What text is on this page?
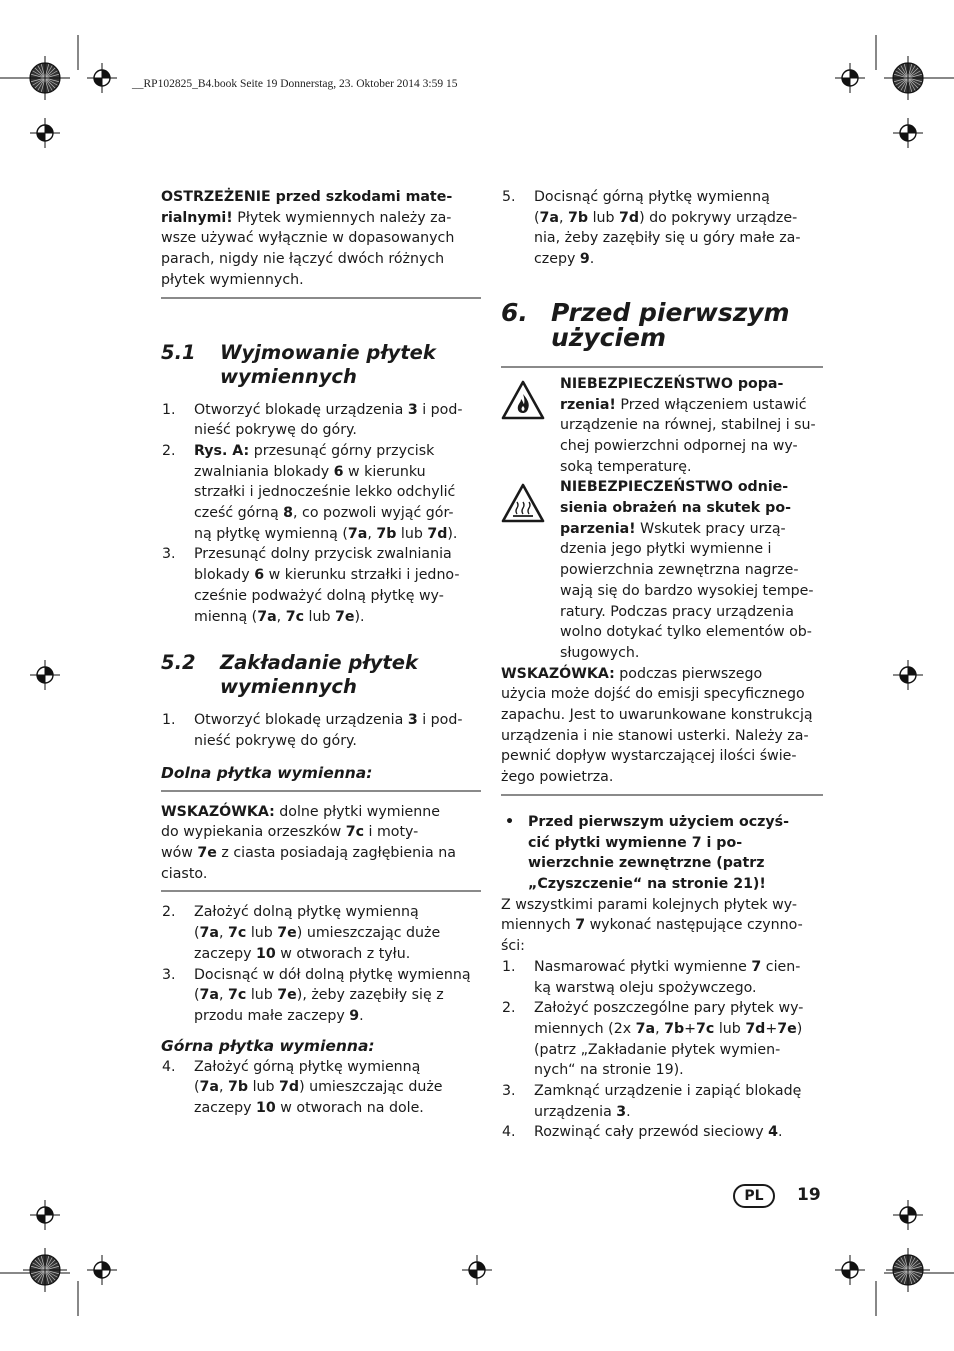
__RP102825_B4.book Seite 19 Donnerstag, 23. Oktober 2014 3:59 15

OSTRZEŻENIE przed szkodami mate-
rialnymi! Płytek wymiennych należy za-
wsze używać wyłącznie w dopasowanych
parach, nigdy nie łączyć dwóch różnych
płytek wymiennych.

5.1 Wyjmowanie płytek

wymiennych
1. Otworzyć blokadę urządzenia 3 i pod-
nieść pokrywę do góry.
2. Rys. A: przesunąć górny przycisk
zwalniania blokady 6 w kierunku
strzałki i jednocześnie lekko odchylić
cześć górną 8, co pozwoli wyjąć gór-
ną płytkę wymienną (7a, 7b lub 7d).
3. Przesunąć dolny przycisk zwalniania
blokady 6 w kierunku strzałki i jedno-
cześnie podważyć dolną płytkę wy-
mienną (7a, 7c lub 7e).
5.2 Zakładanie płytek

wymiennych
1. Otworzyć blokadę urządzenia 3 i pod-
nieść pokrywę do góry.
Dolna płytka wymienna:

WSKAZÓWKA: dolne płytki wymienne
do wypiekania orzeszków 7c i moty-
wów 7e z ciasta posiadają zagłębienia na
ciasto.

2. Założyć dolną płytkę wymienną
(7a, 7c lub 7e) umieszczając duże
zaczepy 10 w otworach z tyłu.
3. Docisnąć w dół dolną płytkę wymienną
(7a, 7c lub 7e), żeby zazębiły się z
przodu małe zaczepy 9.
Górna płytka wymienna:
4. Założyć górną płytkę wymienną
(7a, 7b lub 7d) umieszczając duże
zaczepy 10 w otworach na dole.
5. Docisnąć górną płytkę wymienną
(7a, 7b lub 7d) do pokrywy urządze-
nia, żeby zazębiły się u góry małe za-
czepy 9.
6. Przed pierwszym

użyciem

NIEBEZPIECZEŃSTWO popa-
rzenia! Przed włączeniem ustawić
urządzenie na równej, stabilnej i su-
chej powierzchni odpornej na wy-
soką temperaturę.

NIEBEZPIECZEŃSTWO odnie-
sienia obrażeń na skutek po-
parzenia! Wskutek pracy urzą-
dzenia jego płytki wymienne i
powierzchnia zewnętrzna nagrze-
wają się do bardzo wysokiej tempe-
ratury. Podczas pracy urządzenia
wolno dotykać tylko elementów ob-
sługowych.

WSKAZÓWKA: podczas pierwszego
użycia może dojść do emisji specyficznego
zapachu. Jest to uwarunkowane konstrukcją
urządzenia i nie stanowi usterki. Należy za-
pewnić dopływ wystarczającej ilości świe-
żego powietrza.

• Przed pierwszym użyciem oczyś-
cić płytki wymienne 7 i po-
wierzchnie zewnętrzne (patrz
„Czyszczenie“ na stronie 21)!

Z wszystkimi parami kolejnych płytek wy-
miennych 7 wykonać następujące czynno-
ści:

1. Nasmarować płytki wymienne 7 cien-
ką warstwą oleju spożywczego.
2. Założyć poszczególne pary płytek wy-
miennych (2x 7a, 7b+7c lub 7d+7e)
(patrz „Zakładanie płytek wymien-
nych“ na stronie 19).
3. Zamknąć urządzenie i zapiąć blokadę
urządzenia 3.
4. Rozwinąć cały przewód sieciowy 4.
PL	19
